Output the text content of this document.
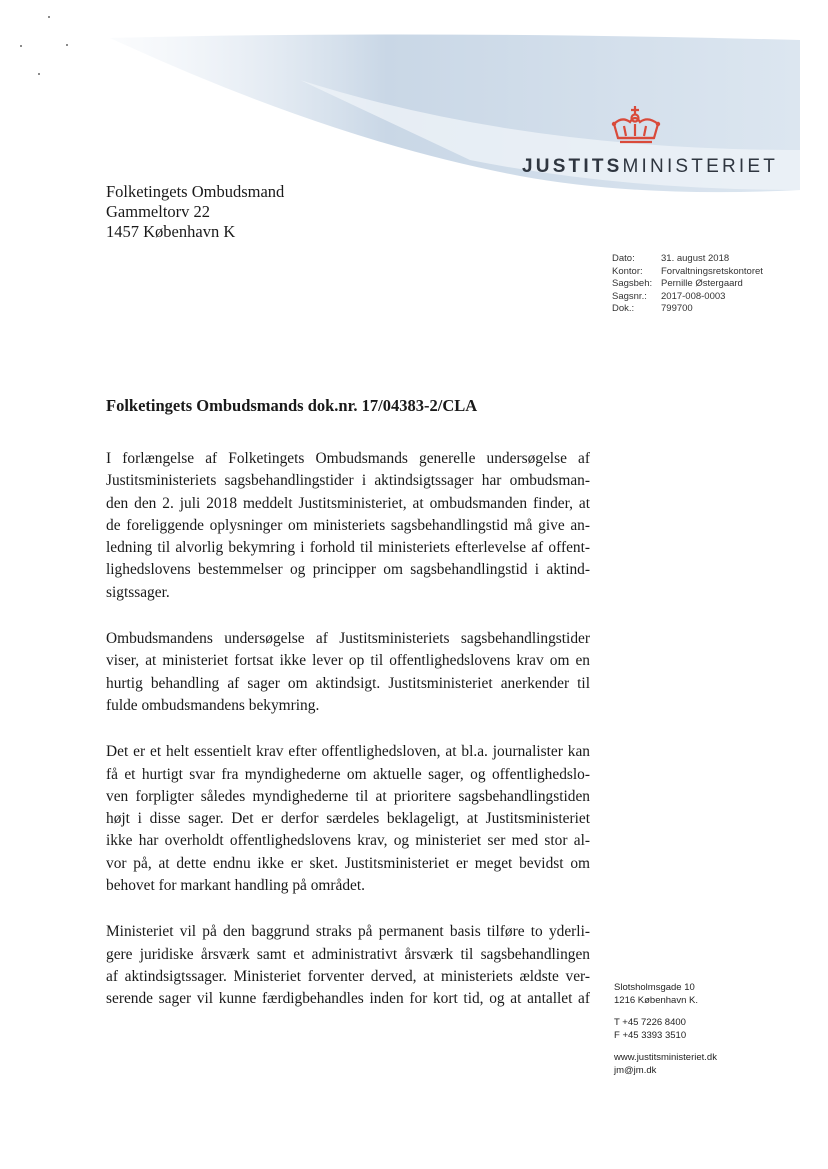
JUSTITSMINISTERIET
Folketingets Ombudsmand
Gammeltorv 22
1457 København K
Dato:	31. august 2018
Kontor:	Forvaltningsretskontoret
Sagsbeh: Pernille Østergaard
Sagsnr.:	2017-008-0003
Dok.:	799700
Folketingets Ombudsmands dok.nr. 17/04383-2/CLA
I forlængelse af Folketingets Ombudsmands generelle undersøgelse af
Justitsministeriets sagsbehandlingstider i aktindsigtssager har ombudsman-
den den 2. juli 2018 meddelt Justitsministeriet, at ombudsmanden finder, at
de foreliggende oplysninger om ministeriets sagsbehandlingstid må give an-
ledning til alvorlig bekymring i forhold til ministeriets efterlevelse af offent-
lighedslovens bestemmelser og principper om sagsbehandlingstid i aktind-
sigtssager.
Ombudsmandens undersøgelse af Justitsministeriets sagsbehandlingstider
viser, at ministeriet fortsat ikke lever op til offentlighedslovens krav om en
hurtig behandling af sager om aktindsigt. Justitsministeriet anerkender til
fulde ombudsmandens bekymring.
Det er et helt essentielt krav efter offentlighedsloven, at bl.a. journalister kan
få et hurtigt svar fra myndighederne om aktuelle sager, og offentlighedslo-
ven forpligter således myndighederne til at prioritere sagsbehandlingstiden
højt i disse sager. Det er derfor særdeles beklageligt, at Justitsministeriet
ikke har overholdt offentlighedslovens krav, og ministeriet ser med stor al-
vor på, at dette endnu ikke er sket. Justitsministeriet er meget bevidst om
behovet for markant handling på området.
Ministeriet vil på den baggrund straks på permanent basis tilføre to yderli-
gere juridiske årsværk samt et administrativt årsværk til sagsbehandlingen
af aktindsigtssager. Ministeriet forventer derved, at ministeriets ældste ver-
serende sager vil kunne færdigbehandles inden for kort tid, og at antallet af
Slotsholmsgade 10
1216 København K.
T +45 7226 8400
F +45 3393 3510
www.justitsministeriet.dk
jm@jm.dk
